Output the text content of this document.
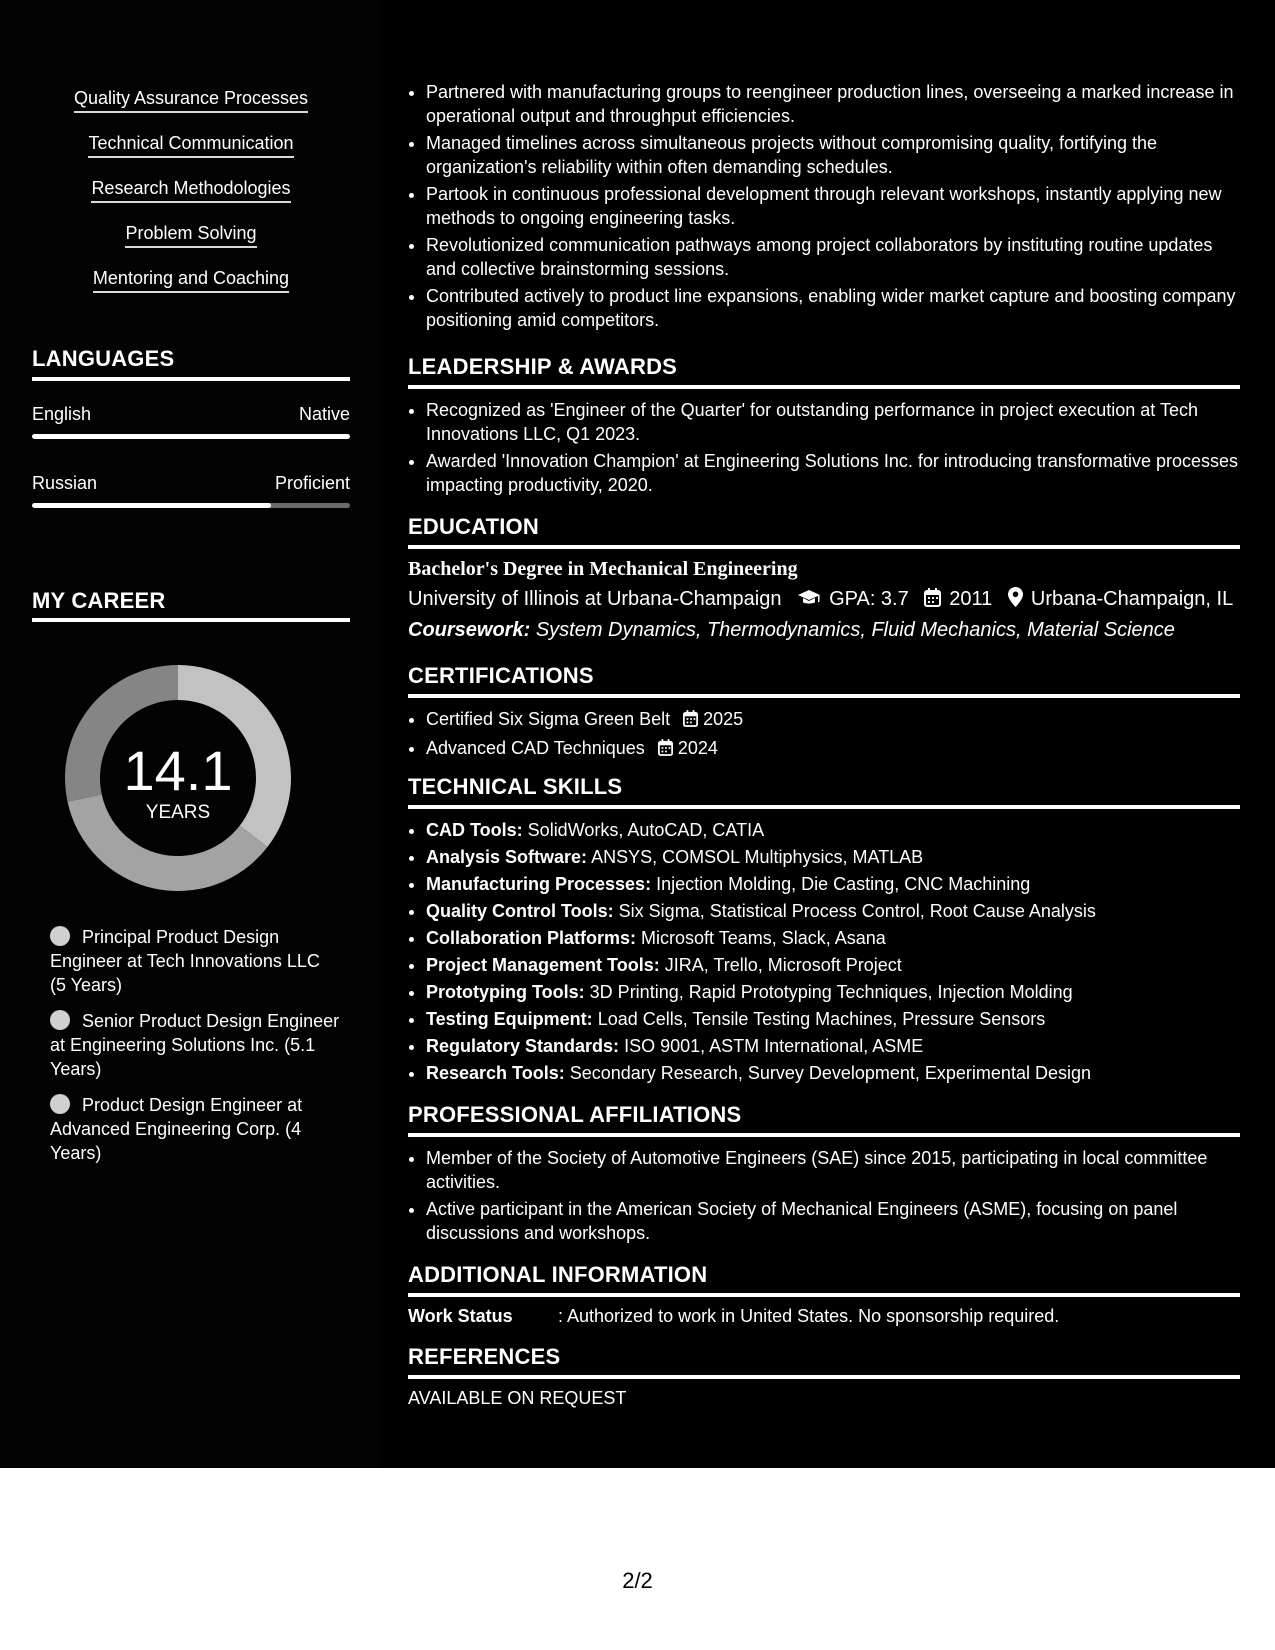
Quality Assurance Processes
Technical Communication
Research Methodologies
Problem Solving
Mentoring and Coaching
LANGUAGES
English	Native
Russian	Proficient
MY CAREER
14.1
YEARS
Principal Product Design Engineer at Tech Innovations LLC (5 Years)
Senior Product Design Engineer at Engineering Solutions Inc. (5.1 Years)
Product Design Engineer at Advanced Engineering Corp. (4 Years)
• Partnered with manufacturing groups to reengineer production lines, overseeing a marked increase in operational output and throughput efficiencies.
• Managed timelines across simultaneous projects without compromising quality, fortifying the organization's reliability within often demanding schedules.
• Partook in continuous professional development through relevant workshops, instantly applying new methods to ongoing engineering tasks.
• Revolutionized communication pathways among project collaborators by instituting routine updates and collective brainstorming sessions.
• Contributed actively to product line expansions, enabling wider market capture and boosting company positioning amid competitors.
LEADERSHIP & AWARDS
• Recognized as 'Engineer of the Quarter' for outstanding performance in project execution at Tech Innovations LLC, Q1 2023.
• Awarded 'Innovation Champion' at Engineering Solutions Inc. for introducing transformative processes impacting productivity, 2020.
EDUCATION
Bachelor's Degree in Mechanical Engineering
University of Illinois at Urbana-Champaign GPA: 3.7 2011 Urbana-Champaign, IL
Coursework: System Dynamics, Thermodynamics, Fluid Mechanics, Material Science
CERTIFICATIONS
• Certified Six Sigma Green Belt 2025
• Advanced CAD Techniques 2024
TECHNICAL SKILLS
• CAD Tools: SolidWorks, AutoCAD, CATIA
• Analysis Software: ANSYS, COMSOL Multiphysics, MATLAB
• Manufacturing Processes: Injection Molding, Die Casting, CNC Machining
• Quality Control Tools: Six Sigma, Statistical Process Control, Root Cause Analysis
• Collaboration Platforms: Microsoft Teams, Slack, Asana
• Project Management Tools: JIRA, Trello, Microsoft Project
• Prototyping Tools: 3D Printing, Rapid Prototyping Techniques, Injection Molding
• Testing Equipment: Load Cells, Tensile Testing Machines, Pressure Sensors
• Regulatory Standards: ISO 9001, ASTM International, ASME
• Research Tools: Secondary Research, Survey Development, Experimental Design
PROFESSIONAL AFFILIATIONS
• Member of the Society of Automotive Engineers (SAE) since 2015, participating in local committee activities.
• Active participant in the American Society of Mechanical Engineers (ASME), focusing on panel discussions and workshops.
ADDITIONAL INFORMATION
Work Status	: Authorized to work in United States. No sponsorship required.
REFERENCES
AVAILABLE ON REQUEST
2/2
